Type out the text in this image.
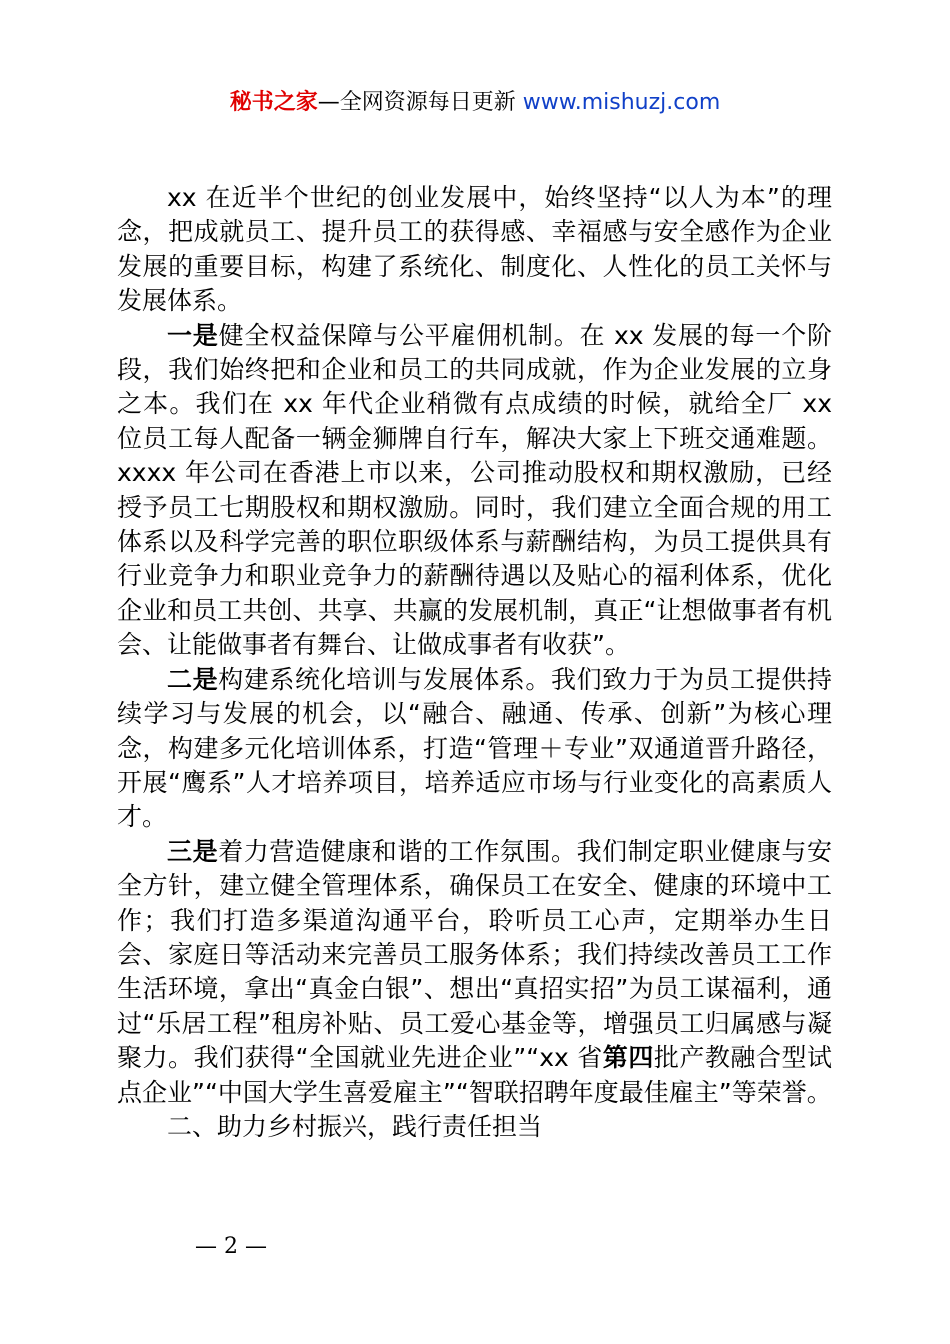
秘书之家—全网资源每日更新 www.mishuzj.com

xx 在近半个世纪的创业发展中，始终坚持“以人为本”的理念，把成就员工、提升员工的获得感、幸福感与安全感作为企业发展的重要目标，构建了系统化、制度化、人性化的员工关怀与发展体系。

一是健全权益保障与公平雇佣机制。在 xx 发展的每一个阶段，我们始终把和企业和员工的共同成就，作为企业发展的立身之本。我们在 xx 年代企业稍微有点成绩的时候，就给全厂 xx 位员工每人配备一辆金狮牌自行车，解决大家上下班交通难题。xxxx 年公司在香港上市以来，公司推动股权和期权激励，已经授予员工七期股权和期权激励。同时，我们建立全面合规的用工体系以及科学完善的职位职级体系与薪酬结构，为员工提供具有行业竞争力和职业竞争力的薪酬待遇以及贴心的福利体系，优化企业和员工共创、共享、共赢的发展机制，真正“让想做事者有机会、让能做事者有舞台、让做成事者有收获”。

二是构建系统化培训与发展体系。我们致力于为员工提供持续学习与发展的机会，以“融合、融通、传承、创新”为核心理念，构建多元化培训体系，打造“管理＋专业”双通道晋升路径，开展“鹰系”人才培养项目，培养适应市场与行业变化的高素质人才。

三是着力营造健康和谐的工作氛围。我们制定职业健康与安全方针，建立健全管理体系，确保员工在安全、健康的环境中工作；我们打造多渠道沟通平台，聆听员工心声，定期举办生日会、家庭日等活动来完善员工服务体系；我们持续改善员工工作生活环境，拿出“真金白银”、想出“真招实招”为员工谋福利，通过“乐居工程”租房补贴、员工爱心基金等，增强员工归属感与凝聚力。我们获得“全国就业先进企业”“xx 省第四批产教融合型试点企业”“中国大学生喜爱雇主”“智联招聘年度最佳雇主”等荣誉。

二、助力乡村振兴，践行责任担当

— 2 —
